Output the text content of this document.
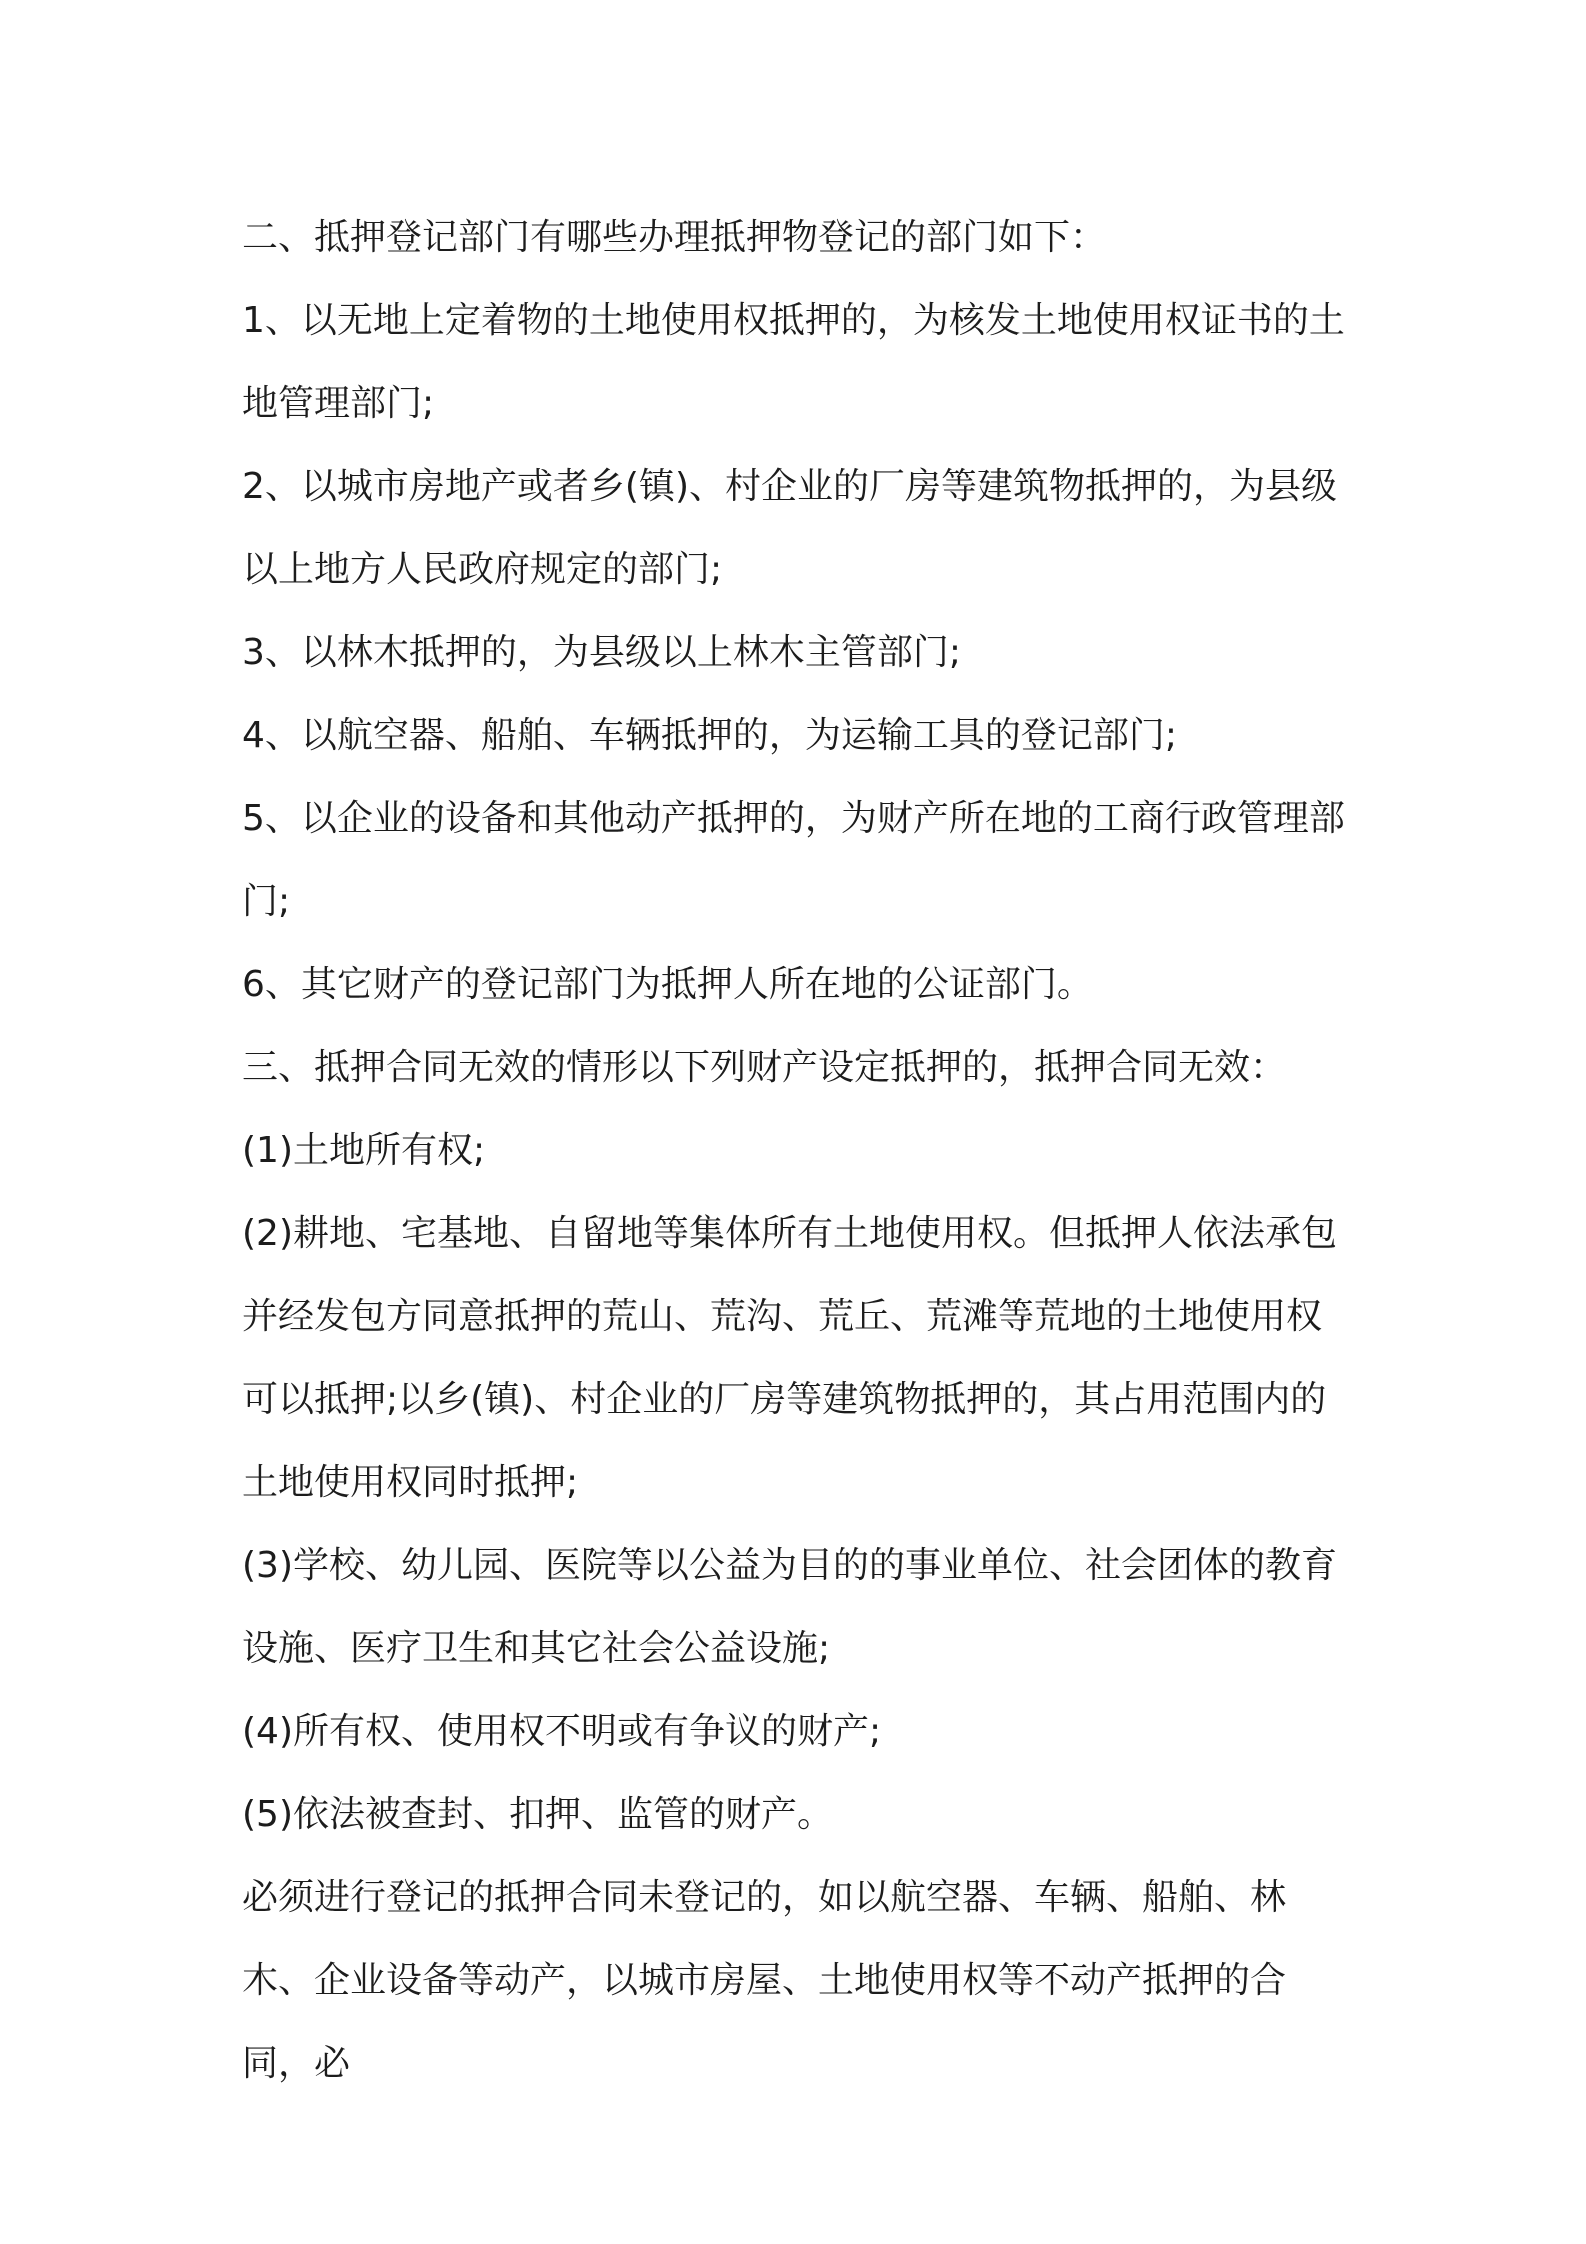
二、抵押登记部门有哪些办理抵押物登记的部门如下：

1、以无地上定着物的土地使用权抵押的，为核发土地使用权证书的土地管理部门;

2、以城市房地产或者乡(镇)、村企业的厂房等建筑物抵押的，为县级以上地方人民政府规定的部门;

3、以林木抵押的，为县级以上林木主管部门;

4、以航空器、船舶、车辆抵押的，为运输工具的登记部门;

5、以企业的设备和其他动产抵押的，为财产所在地的工商行政管理部门;

6、其它财产的登记部门为抵押人所在地的公证部门。

三、抵押合同无效的情形以下列财产设定抵押的，抵押合同无效：

(1)土地所有权;

(2)耕地、宅基地、自留地等集体所有土地使用权。但抵押人依法承包并经发包方同意抵押的荒山、荒沟、荒丘、荒滩等荒地的土地使用权可以抵押;以乡(镇)、村企业的厂房等建筑物抵押的，其占用范围内的土地使用权同时抵押;

(3)学校、幼儿园、医院等以公益为目的的事业单位、社会团体的教育设施、医疗卫生和其它社会公益设施;

(4)所有权、使用权不明或有争议的财产;

(5)依法被查封、扣押、监管的财产。

必须进行登记的抵押合同未登记的，如以航空器、车辆、船舶、林木、企业设备等动产，以城市房屋、土地使用权等不动产抵押的合同，必
